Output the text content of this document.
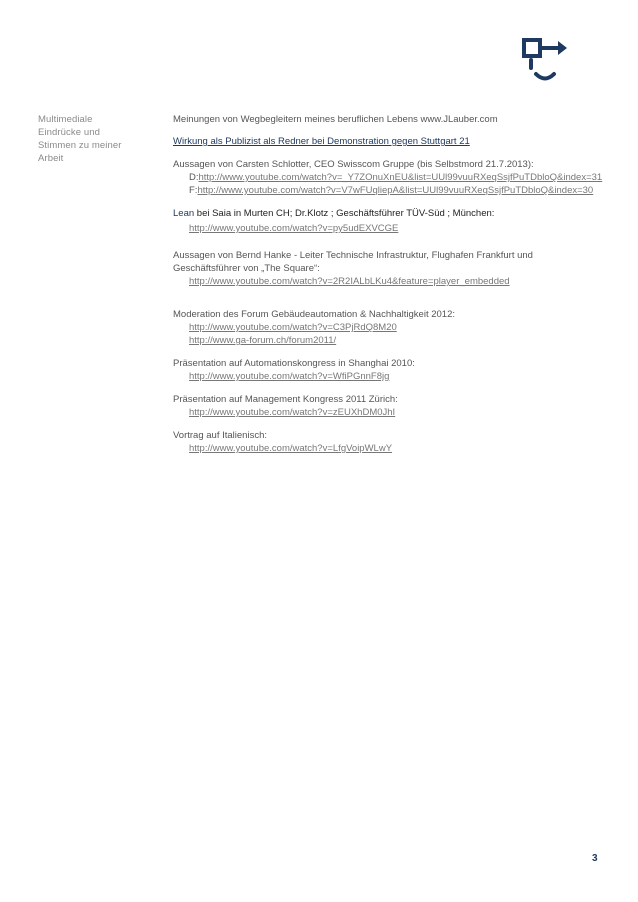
Multimediale
Eindrücke und
Stimmen zu meiner
Arbeit

Meinungen von Wegbegleitern meines beruflichen Lebens www.JLauber.com

Wirkung als Publizist als Redner bei Demonstration gegen Stuttgart 21

Aussagen von Carsten Schlotter, CEO Swisscom Gruppe (bis Selbstmord 21.7.2013):
D:http://www.youtube.com/watch?v=_Y7ZOnuXnEU&list=UUl99vuuRXeqSsjfPuTDbloQ&index=31
F:http://www.youtube.com/watch?v=V7wFUqliepA&list=UUl99vuuRXeqSsjfPuTDbloQ&index=30
Lean bei Saia in Murten CH; Dr.Klotz ; Geschäftsführer TÜV-Süd ; München:
http://www.youtube.com/watch?v=py5udEXVCGE
Aussagen von Bernd Hanke - Leiter Technische Infrastruktur, Flughafen Frankfurt und
Geschäftsführer von „The Square“:
http://www.youtube.com/watch?v=2R2IALbLKu4&feature=player_embedded
Moderation des Forum Gebäudeautomation & Nachhaltigkeit 2012:
http://www.youtube.com/watch?v=C3PjRdQ8M20
http://www.ga-forum.ch/forum2011/
Präsentation auf Automationskongress in Shanghai 2010:
http://www.youtube.com/watch?v=WfiPGnnF8jg
Präsentation auf Management Kongress 2011 Zürich:
http://www.youtube.com/watch?v=zEUXhDM0JhI
Vortrag auf Italienisch:
http://www.youtube.com/watch?v=LfgVoipWLwY
3
